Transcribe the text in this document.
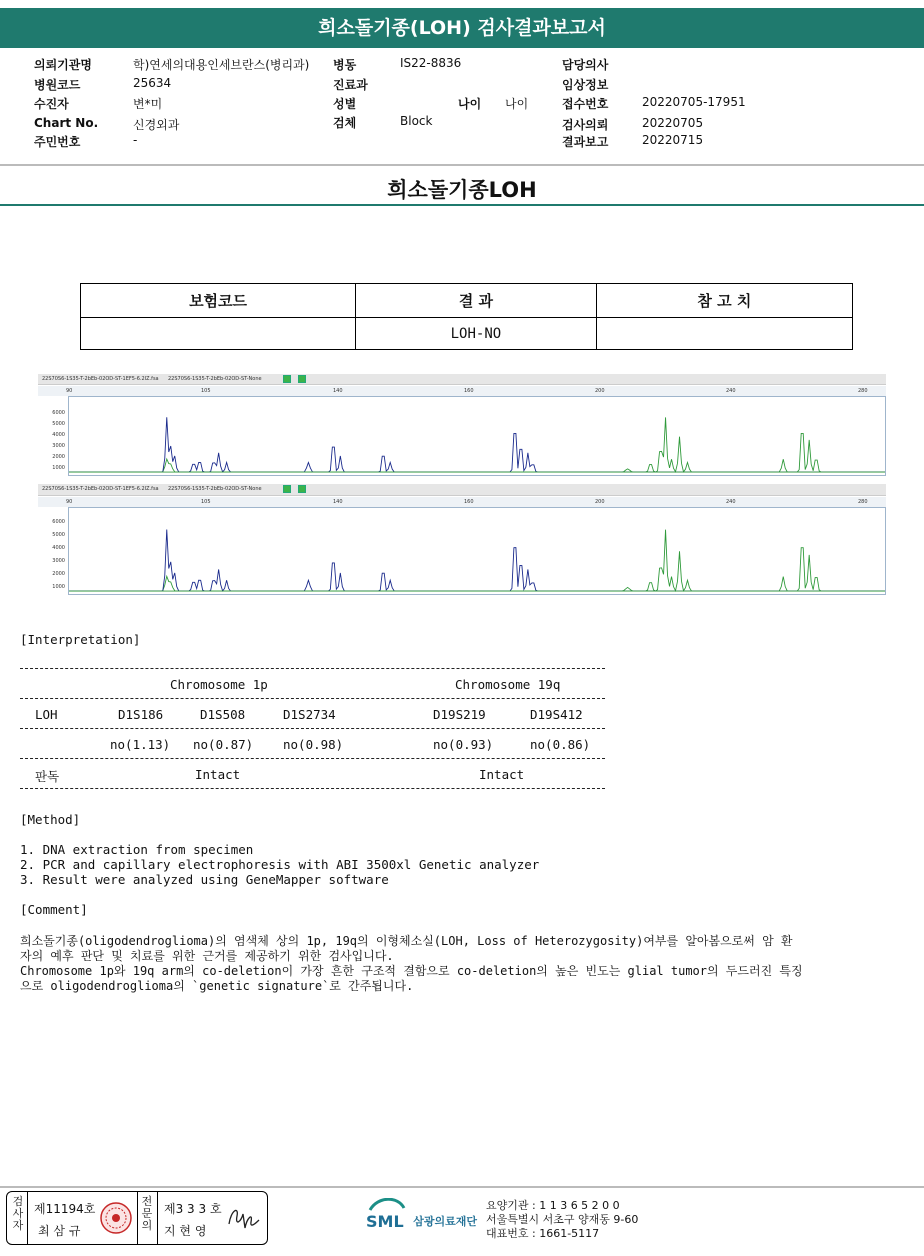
희소돌기종(LOH) 검사결과보고서
의뢰기관명	학)연세의대용인세브란스(병리과)
병원코드	25634
수진자	변*미
Chart No.	신경외과
주민번호	-
병동	IS22-8836
진료과
성별	나이 나이
검체	Block
담당의사
임상정보
접수번호	20220705-17951
검사의뢰	20220705
결과보고	20220715
희소돌기종LOH
보험코드	결 과	참 고 치
	LOH-NO	
22S70S6-1S35-T-2bEb-02OD-ST-1EF5-6.2IZ.fsa 22S70S6-1S35-T-2bEb-02OD-ST-None
90	105	140	160	200	240	280
6000
5000
4000
3000
2000
1000
22S70S6-1S35-T-2bEb-02OD-ST-1EF5-6.2IZ.fsa 22S70S6-1S35-T-2bEb-02OD-ST-None
90	105	140	160	200	240	280
6000
5000
4000
3000
2000
1000
[Interpretation]
Chromosome 1p	Chromosome 19q
LOH	D1S186	D1S508	D1S2734	D19S219	D19S412
no(1.13) no(0.87) no(0.98)	no(0.93)	no(0.86)
판독	Intact	Intact
[Method]
1. DNA extraction from specimen
2. PCR and capillary electrophoresis with ABI 3500xl Genetic analyzer
3. Result were analyzed using GeneMapper software
[Comment]
희소돌기종(oligodendroglioma)의 염색체 상의 1p, 19q의 이형체소실(LOH, Loss of Heterozygosity)여부를 알아봄으로써 암 환
자의 예후 판단 및 치료를 위한 근거를 제공하기 위한 검사입니다.
Chromosome 1p와 19q arm의 co-deletion이 가장 흔한 구조적 결함으로 co-deletion의 높은 빈도는 glial tumor의 두드러진 특징
으로 oligodendroglioma의 `genetic signature`로 간주됩니다.
검사자
제11194호
최 삼 규
전문의
제3 3 3 호
지 현 영	SML $_{삼광의료재단}$
요양기관 : 1 1 3 6 5 2 0 0
서울특별시 서초구 양재동 9-60
대표번호 : 1661-5117
